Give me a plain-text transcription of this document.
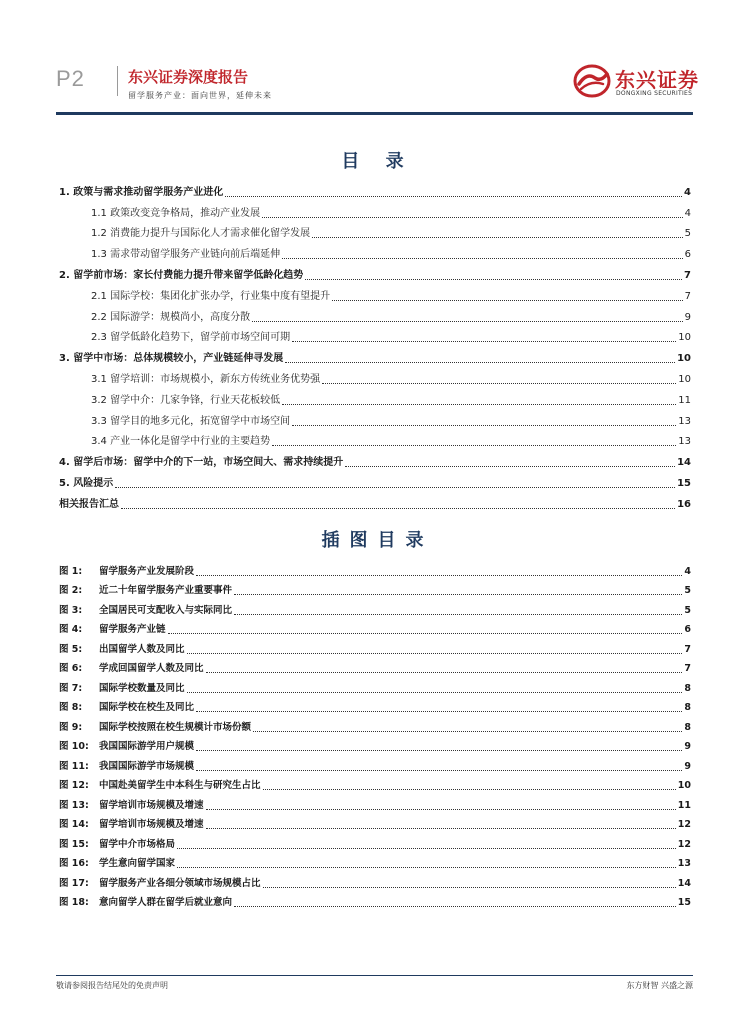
P2	东兴证券深度报告
留学服务产业：面向世界，延伸未来
东兴证券
DONGXING SECURITIES
目 录
1. 政策与需求推动留学服务产业进化	4
1.1 政策改变竞争格局，推动产业发展	4
1.2 消费能力提升与国际化人才需求催化留学发展	5
1.3 需求带动留学服务产业链向前后端延伸	6
2. 留学前市场：家长付费能力提升带来留学低龄化趋势	7
2.1 国际学校：集团化扩张办学，行业集中度有望提升	7
2.2 国际游学：规模尚小，高度分散	9
2.3 留学低龄化趋势下，留学前市场空间可期	10
3. 留学中市场：总体规模较小，产业链延伸寻发展	10
3.1 留学培训：市场规模小，新东方传统业务优势强	10
3.2 留学中介：几家争锋，行业天花板较低	11
3.3 留学目的地多元化，拓宽留学中市场空间	13
3.4 产业一体化是留学中行业的主要趋势	13
4. 留学后市场：留学中介的下一站，市场空间大、需求持续提升	14
5. 风险提示	15
相关报告汇总	16
插图目录
图 1:	留学服务产业发展阶段	4
图 2:	近二十年留学服务产业重要事件	5
图 3:	全国居民可支配收入与实际同比	5
图 4:	留学服务产业链	6
图 5:	出国留学人数及同比	7
图 6:	学成回国留学人数及同比	7
图 7:	国际学校数量及同比	8
图 8:	国际学校在校生及同比	8
图 9:	国际学校按照在校生规模计市场份额	8
图 10:	我国国际游学用户规模	9
图 11:	我国国际游学市场规模	9
图 12:	中国赴美留学生中本科生与研究生占比	10
图 13:	留学培训市场规模及增速	11
图 14:	留学培训市场规模及增速	12
图 15:	留学中介市场格局	12
图 16:	学生意向留学国家	13
图 17:	留学服务产业各细分领域市场规模占比	14
图 18:	意向留学人群在留学后就业意向	15
敬请参阅报告结尾处的免责声明	东方财智 兴盛之源
